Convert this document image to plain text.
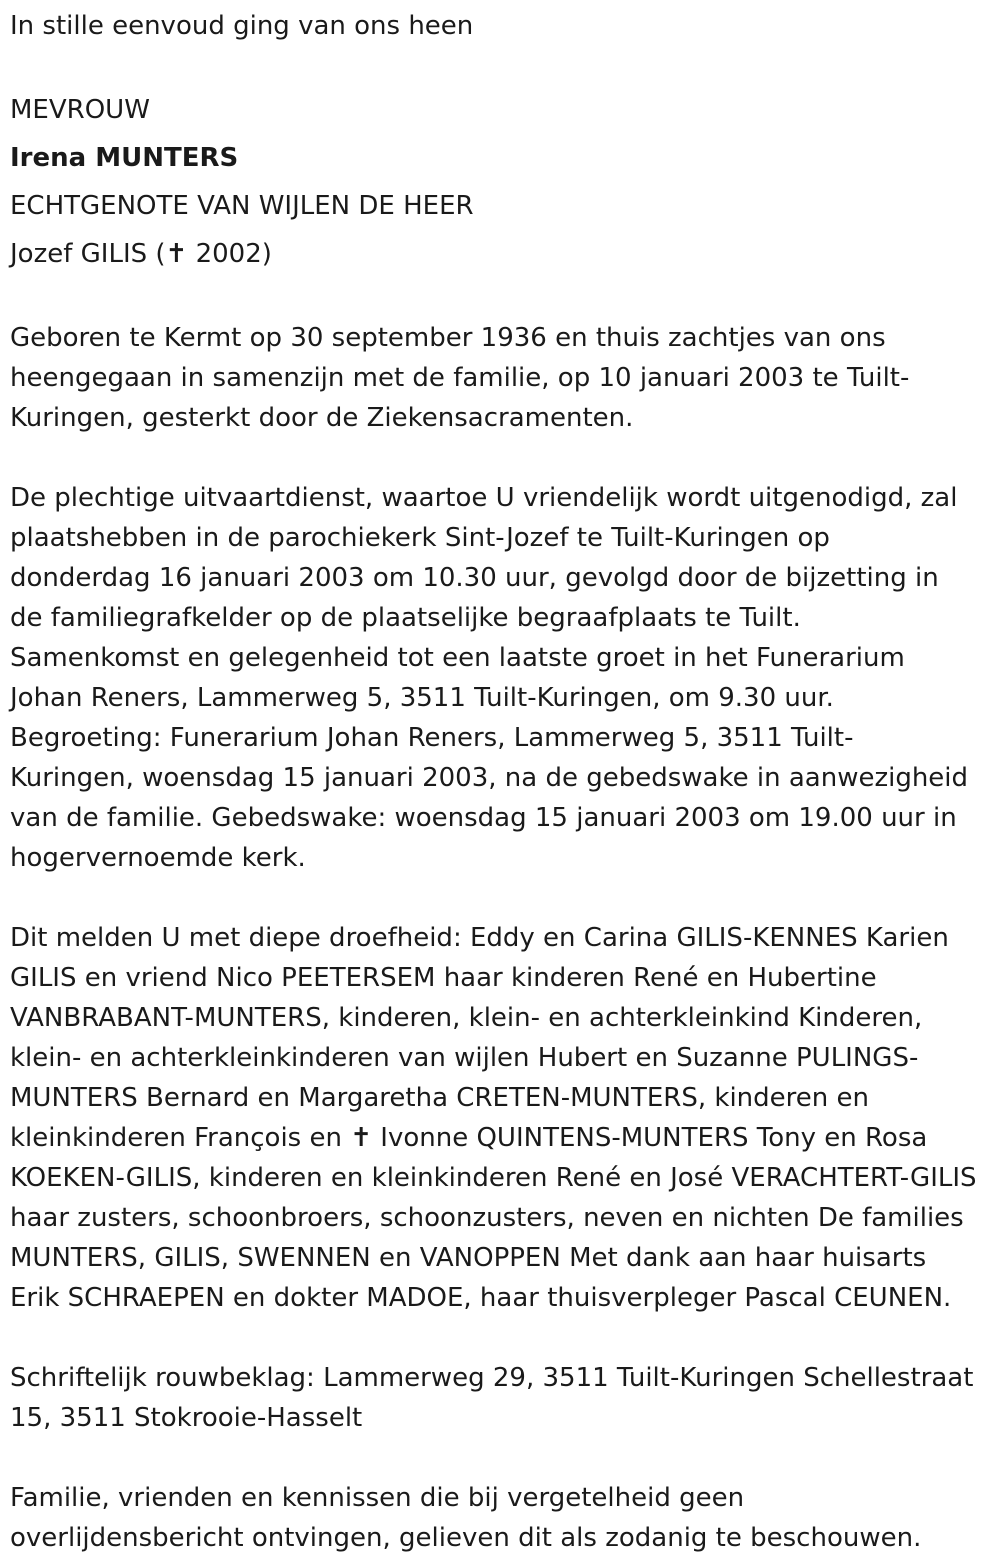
In stille eenvoud ging van ons heen

MEVROUW

Irena MUNTERS

ECHTGENOTE VAN WIJLEN DE HEER

Jozef GILIS (✝ 2002)

Geboren te Kermt op 30 september 1936 en thuis zachtjes van ons

heengegaan in samenzijn met de familie, op 10 januari 2003 te Tuilt-

Kuringen, gesterkt door de Ziekensacramenten.

De plechtige uitvaartdienst, waartoe U vriendelijk wordt uitgenodigd, zal

plaatshebben in de parochiekerk Sint-Jozef te Tuilt-Kuringen op

donderdag 16 januari 2003 om 10.30 uur, gevolgd door de bijzetting in

de familiegrafkelder op de plaatselijke begraafplaats te Tuilt.

Samenkomst en gelegenheid tot een laatste groet in het Funerarium

Johan Reners, Lammerweg 5, 3511 Tuilt-Kuringen, om 9.30 uur.

Begroeting: Funerarium Johan Reners, Lammerweg 5, 3511 Tuilt-

Kuringen, woensdag 15 januari 2003, na de gebedswake in aanwezigheid

van de familie. Gebedswake: woensdag 15 januari 2003 om 19.00 uur in

hogervernoemde kerk.

Dit melden U met diepe droefheid: Eddy en Carina GILIS-KENNES Karien

GILIS en vriend Nico PEETERSEM haar kinderen René en Hubertine

VANBRABANT-MUNTERS, kinderen, klein- en achterkleinkind Kinderen,

klein- en achterkleinkinderen van wijlen Hubert en Suzanne PULINGS-

MUNTERS Bernard en Margaretha CRETEN-MUNTERS, kinderen en

kleinkinderen François en ✝ Ivonne QUINTENS-MUNTERS Tony en Rosa

KOEKEN-GILIS, kinderen en kleinkinderen René en José VERACHTERT-GILIS

haar zusters, schoonbroers, schoonzusters, neven en nichten De families

MUNTERS, GILIS, SWENNEN en VANOPPEN Met dank aan haar huisarts

Erik SCHRAEPEN en dokter MADOE, haar thuisverpleger Pascal CEUNEN.

Schriftelijk rouwbeklag: Lammerweg 29, 3511 Tuilt-Kuringen Schellestraat

15, 3511 Stokrooie-Hasselt

Familie, vrienden en kennissen die bij vergetelheid geen

overlijdensbericht ontvingen, gelieven dit als zodanig te beschouwen.
